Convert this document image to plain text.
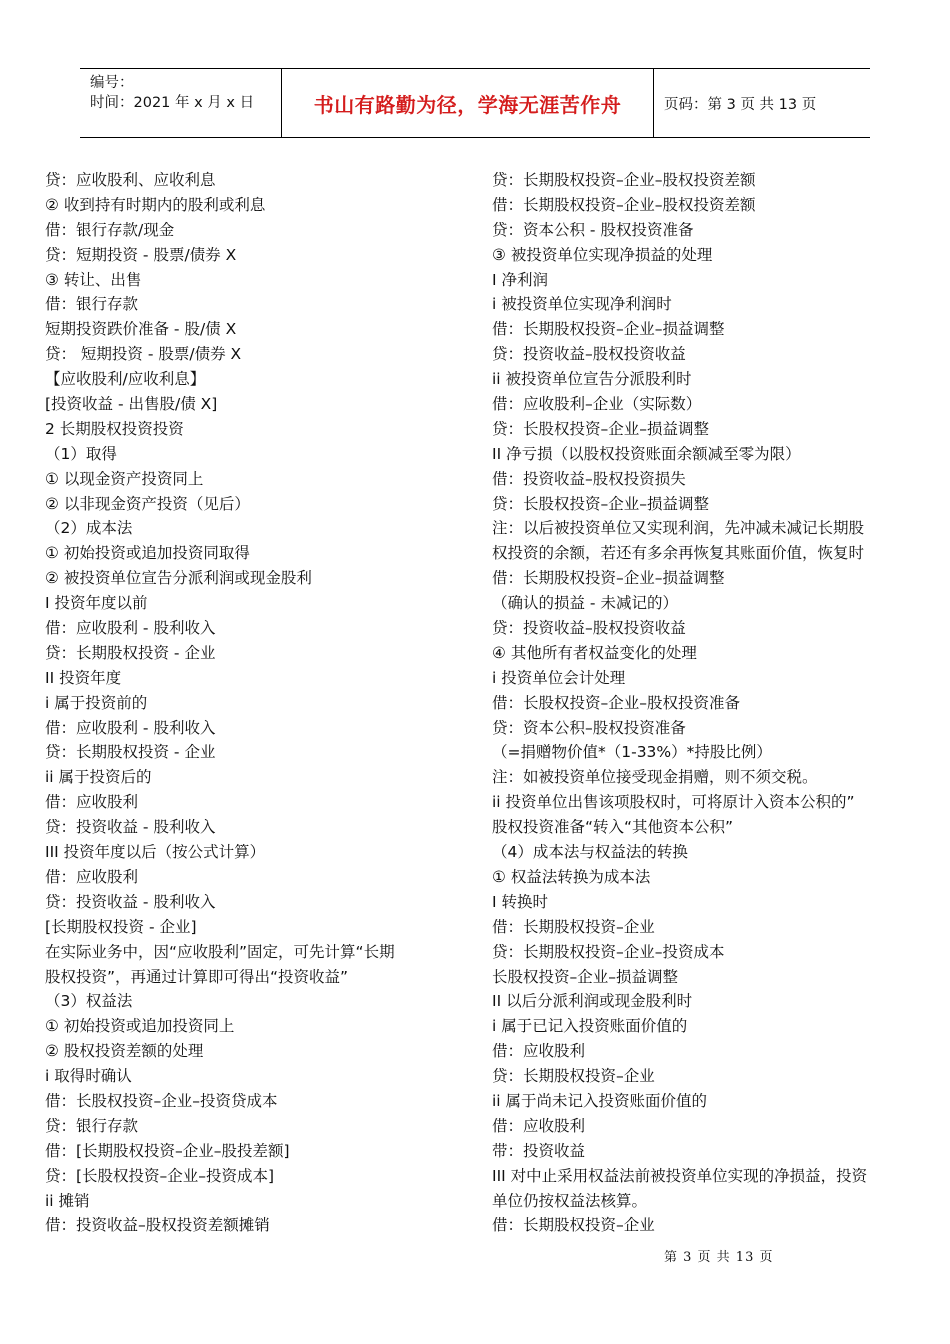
编号：
时间：2021 年 x 月 x 日	书山有路勤为径，学海无涯苦作舟	页码：第 3 页 共 13 页
贷：应收股利、应收利息
② 收到持有时期内的股利或利息
借：银行存款/现金
贷：短期投资 - 股票/债券 X
③ 转让、出售
借：银行存款
短期投资跌价准备 - 股/债 X
贷： 短期投资 - 股票/债券 X
【应收股利/应收利息】
[投资收益 - 出售股/债 X]
2 长期股权投资投资
（1）取得
① 以现金资产投资同上
② 以非现金资产投资（见后）
（2）成本法
① 初始投资或追加投资同取得
② 被投资单位宣告分派利润或现金股利
I 投资年度以前
借：应收股利 - 股利收入
贷：长期股权投资 - 企业
II 投资年度
i 属于投资前的
借：应收股利 - 股利收入
贷：长期股权投资 - 企业
ii 属于投资后的
借：应收股利
贷：投资收益 - 股利收入
III 投资年度以后（按公式计算）
借：应收股利
贷：投资收益 - 股利收入
[长期股权投资 - 企业]
在实际业务中，因“应收股利”固定，可先计算“长期
股权投资”，再通过计算即可得出“投资收益”
（3）权益法
① 初始投资或追加投资同上
② 股权投资差额的处理
i 取得时确认
借：长股权投资–企业–投资贷成本
贷：银行存款
借：[长期股权投资–企业–股投差额]
贷：[长股权投资–企业–投资成本]
ii 摊销
借：投资收益–股权投资差额摊销
贷：长期股权投资–企业–股权投资差额
借：长期股权投资–企业–股权投资差额
贷：资本公积 - 股权投资准备
③ 被投资单位实现净损益的处理
I 净利润
i 被投资单位实现净利润时
借：长期股权投资–企业–损益调整
贷：投资收益–股权投资收益
ii 被投资单位宣告分派股利时
借：应收股利–企业（实际数）
贷：长股权投资–企业–损益调整
II 净亏损（以股权投资账面余额减至零为限）
借：投资收益–股权投资损失
贷：长股权投资–企业–损益调整
注：以后被投资单位又实现利润，先冲减未减记长期股
权投资的余额，若还有多余再恢复其账面价值，恢复时
借：长期股权投资–企业–损益调整
（确认的损益 - 未减记的）
贷：投资收益–股权投资收益
④ 其他所有者权益变化的处理
i 投资单位会计处理
借：长股权投资–企业–股权投资准备
贷：资本公积–股权投资准备
（=捐赠物价值*（1-33%）*持股比例）
注：如被投资单位接受现金捐赠，则不须交税。
ii 投资单位出售该项股权时，可将原计入资本公积的”
股权投资准备“转入“其他资本公积”
（4）成本法与权益法的转换
① 权益法转换为成本法
I 转换时
借：长期股权投资–企业
贷：长期股权投资–企业–投资成本
长股权投资–企业–损益调整
II 以后分派利润或现金股利时
i 属于已记入投资账面价值的
借：应收股利
贷：长期股权投资–企业
ii 属于尚未记入投资账面价值的
借：应收股利
带：投资收益
III 对中止采用权益法前被投资单位实现的净损益，投资
单位仍按权益法核算。
借：长期股权投资–企业
第 3 页 共 13 页
